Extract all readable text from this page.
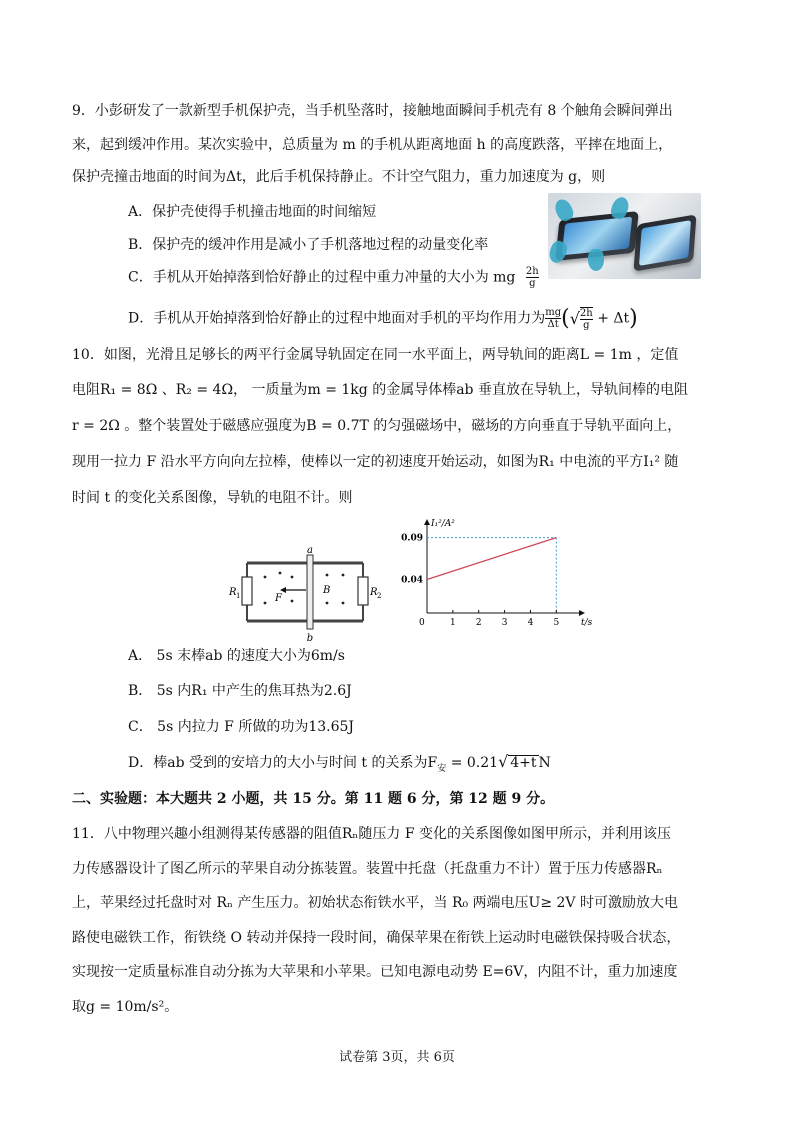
9．小彭研发了一款新型手机保护壳，当手机坠落时，接触地面瞬间手机壳有 8 个触角会瞬间弹出
来，起到缓冲作用。某次实验中，总质量为 m 的手机从距离地面 h 的高度跌落，平摔在地面上，
保护壳撞击地面的时间为Δt，此后手机保持静止。不计空气阻力，重力加速度为 g，则
A．保护壳使得手机撞击地面的时间缩短
B．保护壳的缓冲作用是减小了手机落地过程的动量变化率
C．手机从开始掉落到恰好静止的过程中重力冲量的大小为 mg $\frac{2h}{g}$
D．手机从开始掉落到恰好静止的过程中地面对手机的平均作用力为 $\frac{mg}{\Delta t}$ (√ $\frac{2h}{g} + \Delta t$)
10．如图，光滑且足够长的两平行金属导轨固定在同一水平面上，两导轨间的距离L = 1m ，定值
电阻R₁ = 8Ω 、R₂ = 4Ω， 一质量为m = 1kg 的金属导体棒ab 垂直放在导轨上，导轨间棒的电阻
r = 2Ω 。整个装置处于磁感应强度为B = 0.7T 的匀强磁场中，磁场的方向垂直于导轨平面向上，
现用一拉力 F 沿水平方向向左拉棒，使棒以一定的初速度开始运动，如图为R₁ 中电流的平方I₁² 随
时间 t 的变化关系图像，导轨的电阻不计。则
a
b
R 1	R 2
F
B
I₁²/A²
t/s
0	1 2 3 4 5
0.04
0.09
A． 5s 末棒ab 的速度大小为6m/s
B． 5s 内R₁ 中产生的焦耳热为2.6J
C． 5s 内拉力 F 所做的功为13.65J
D．棒ab 受到的安培力的大小与时间 t 的关系为$F_安 = 0.21√$ 4+t N
二、实验题：本大题共 2 小题，共 15 分。第 11 题 6 分，第 12 题 9 分。
11．八中物理兴趣小组测得某传感器的阻值Rₙ随压力 F 变化的关系图像如图甲所示，并利用该压
力传感器设计了图乙所示的苹果自动分拣装置。装置中托盘（托盘重力不计）置于压力传感器Rₙ
上，苹果经过托盘时对 Rₙ 产生压力。初始状态衔铁水平，当 R₀ 两端电压U≥ 2V 时可激励放大电
路使电磁铁工作，衔铁绕 O 转动并保持一段时间，确保苹果在衔铁上运动时电磁铁保持吸合状态，
实现按一定质量标准自动分拣为大苹果和小苹果。已知电源电动势 E=6V，内阻不计，重力加速度
取g = 10m/s²。
试卷第 3页，共 6页
